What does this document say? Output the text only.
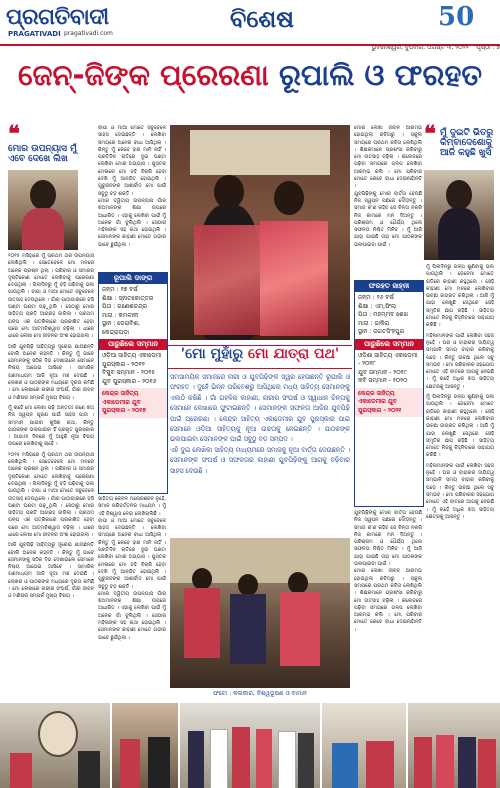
ପ୍ରଗତିବାଦୀ
PRAGATIVADI pragativadi.com
ବିଶେଷ	50
ଭୁବନେଶ୍ୱର, ବୁଧବାର, ଅଗଷ୍ଟ ୩, ୨୦୨୨ ପୃଷ୍ଠା : ୭
ଜେନ୍-ଜିଙ୍କ ପ୍ରେରଣା ରୂପାଲି ଓ ଫରହତ
❝
ମୋର ଉପନ୍ୟାସ ମୁଁ ଏବେ ଦେଖେ ଲିଖ

୨୦୧୫ ମସିହାରେ ମୁଁ ପ୍ରଥମ ଥର ଉପନ୍ୟାସ ଲେଖିଥିଲି । ସେତେବେଳେ ମୋ ମନରେ ଅନେକ ପ୍ରଶ୍ନ ଥିଲା । ପରିବାର ଓ ସମାଜର ଦୃଷ୍ଟିକୋଣ ମୋତେ ଲେଖିବାକୁ ପ୍ରେରଣା ଦେଇଥିଲା । ପିଲାଦିନରୁ ମୁଁ ବହି ପଢ଼ିବାକୁ ଭଲ ପାଉଥିଲି । ବାପା ଓ ମାଆ ମୋତେ ସବୁବେଳେ ଉତ୍ସାହ ଦେଉଥିଲେ । ଗାଁର ପାଠାଗାରରେ ବସି ଘଣ୍ଟା ଘଣ୍ଟା ପଢ଼ୁଥିଲି । ସେଠାରୁ ମୋର ସାହିତ୍ୟ ପ୍ରତି ଆଗ୍ରହ ଜାଗିଲା । ପ୍ରଥମ ଗଳ୍ପ ଏକ ପତ୍ରିକାରେ ପ୍ରକାଶିତ ହେବା ପରେ ମୋ ଆତ୍ମବିଶ୍ୱାସ ବଢ଼ିଲା । ଧୀରେ ଧୀରେ ଲେଖା ମୋ ଜୀବନର ଅଂଶ ହୋଇଗଲା ।

ଆଜି ଯୁବପିଢ଼ି ସାହିତ୍ୟରୁ ଦୂରେଇ ଯାଉଛନ୍ତି ବୋଲି ଅନେକ କହନ୍ତି । କିନ୍ତୁ ମୁଁ ଭାବେ ସେମାନଙ୍କୁ ସଠିକ ଦିଗ ଦେଖାଇଲେ ସେମାନେ ନିଶ୍ଚୟ ଆଗେଇ ଆସିବେ । ସାମାଜିକ ଗଣମାଧ୍ୟମ ଆଜି ନୂଆ ମଞ୍ଚ ଦେଇଛି । ଲେଖକ ଓ ପାଠକଙ୍କ ମଧ୍ୟରେ ଦୂରତା କମିଛି । ମୋ ଲେଖାରେ ନାରୀର ସଂଘର୍ଷ, ଗାଁର ଜୀବନ ଓ ମଣିଷର ସମ୍ପର୍କ ମୁଖ୍ୟ ବିଷୟ ।

ମୁଁ ଚାହେଁ ମୋ ଲେଖା ପଢ଼ି ଅନ୍ତତଃ ଜଣେ ଝିଅ ନିଜ ସ୍ୱପ୍ନ ପୂରଣ ପାଇଁ ସାହସ ପାଉ । ସମ୍ମାନ ପାଇବା ଖୁସିର କଥା, କିନ୍ତୁ ପାଠକଙ୍କ ଭଲପାଇବା ହିଁ ପ୍ରକୃତ ପୁରସ୍କାର । ଆଗାମୀ ଦିନରେ ମୁଁ ଆହୁରି ନୂଆ ବିଷୟ ଉପରେ ଲେଖିବାକୁ ଚାହେଁ ।

୨୦୧୫ ମସିହାରେ ମୁଁ ପ୍ରଥମ ଥର ଉପନ୍ୟାସ ଲେଖିଥିଲି । ସେତେବେଳେ ମୋ ମନରେ ଅନେକ ପ୍ରଶ୍ନ ଥିଲା । ପରିବାର ଓ ସମାଜର ଦୃଷ୍ଟିକୋଣ ମୋତେ ଲେଖିବାକୁ ପ୍ରେରଣା ଦେଇଥିଲା । ପିଲାଦିନରୁ ମୁଁ ବହି ପଢ଼ିବାକୁ ଭଲ ପାଉଥିଲି । ବାପା ଓ ମାଆ ମୋତେ ସବୁବେଳେ ଉତ୍ସାହ ଦେଉଥିଲେ । ଗାଁର ପାଠାଗାରରେ ବସି ଘଣ୍ଟା ଘଣ୍ଟା ପଢ଼ୁଥିଲି । ସେଠାରୁ ମୋର ସାହିତ୍ୟ ପ୍ରତି ଆଗ୍ରହ ଜାଗିଲା । ପ୍ରଥମ ଗଳ୍ପ ଏକ ପତ୍ରିକାରେ ପ୍ରକାଶିତ ହେବା ପରେ ମୋ ଆତ୍ମବିଶ୍ୱାସ ବଢ଼ିଲା । ଧୀରେ ଧୀରେ ଲେଖା ମୋ ଜୀବନର ଅଂଶ ହୋଇଗଲା ।

ଆଜି ଯୁବପିଢ଼ି ସାହିତ୍ୟରୁ ଦୂରେଇ ଯାଉଛନ୍ତି ବୋଲି ଅନେକ କହନ୍ତି । କିନ୍ତୁ ମୁଁ ଭାବେ ସେମାନଙ୍କୁ ସଠିକ ଦିଗ ଦେଖାଇଲେ ସେମାନେ ନିଶ୍ଚୟ ଆଗେଇ ଆସିବେ । ସାମାଜିକ ଗଣମାଧ୍ୟମ ଆଜି ନୂଆ ମଞ୍ଚ ଦେଇଛି । ଲେଖକ ଓ ପାଠକଙ୍କ ମଧ୍ୟରେ ଦୂରତା କମିଛି । ମୋ ଲେଖାରେ ନାରୀର ସଂଘର୍ଷ, ଗାଁର ଜୀବନ ଓ ମଣିଷର ସମ୍ପର୍କ ମୁଖ୍ୟ ବିଷୟ ।

ବାପା ଓ ମାଆ ମୋତେ ସବୁବେଳେ ସାହସ ଦେଇଛନ୍ତି । ଲେଖିବା ସମୟରେ ଅନେକ ବାଧା ଆସିଥିଲା । କିନ୍ତୁ ମୁଁ କେବେ ହାର ମାନି ନାହିଁ । ପ୍ରତିଦିନ ରାତିରେ ଦୁଇ ଘଣ୍ଟା ଲେଖିବା ମୋର ଅଭ୍ୟାସ । ପୁସ୍ତକ ମେଳାରେ ମୋ ବହି ବିକ୍ରି ହେବା ଦେଖି ମୁଁ ଆନନ୍ଦିତ ହୋଇଥିଲି । ଗୁରୁଜନଙ୍କ ଆଶୀର୍ବାଦ ମୋ ପାଇଁ ସବୁଠୁ ବଡ଼ ଶକ୍ତି ।

ମୋର ଦ୍ୱିତୀୟ ଉପନ୍ୟାସ ଗାଁର ଝିଅମାନଙ୍କ ଶିକ୍ଷା ଉପରେ ଆଧାରିତ । ଏହାକୁ ଲେଖିବା ପାଇଁ ମୁଁ ଅନେକ ଗାଁ ବୁଲିଥିଲି । ସେଠାର ମହିଳାଙ୍କ ସହ କଥା ହୋଇଥିଲି । ସେମାନଙ୍କ କାହାଣୀ ମୋତେ ଗଭୀର ଭାବେ ଛୁଇଁଥିଲା ।

ରୂପାଲି ଡାଙ୍ଗ
ଜନ୍ମ : ୨୭ ବର୍ଷ
ଶିକ୍ଷା : ସ୍ନାତକୋତ୍ତର
ପିତା : ଗଣେଶଚନ୍ଦ୍ର
ମାତା : କମଳୀନୀ
ସ୍ଥାନ : ଡେରାବିଶ, କେନ୍ଦ୍ରାପଡ଼ା
ପାରୁଛିଲେ ସମ୍ମାନ
ଓଡ଼ିଆ ସାହିତ୍ୟ ଏକାଡେମୀ ପୁରସ୍କାର - ୨୦୧୨
ବିଷୁବ ସମ୍ମାନ - ୨୦୧୫
ଯୁବ ପୁରସ୍କାର - ୨୦୧୬
କେନ୍ଦ୍ର ସାହିତ୍ୟ ଏକାଡେମୀର ଯୁବ ପୁରସ୍କାର - ୨୦୧୭

ସାହିତ୍ୟ କେବଳ ମନୋରଞ୍ଜନ ନୁହେଁ, ସମାଜ ପରିବର୍ତ୍ତନର ମାଧ୍ୟମ । ମୁଁ ଏହି ବିଶ୍ୱାସ ନେଇ ଲେଖିଚାଲିଛି ।

ବାପା ଓ ମାଆ ମୋତେ ସବୁବେଳେ ସାହସ ଦେଇଛନ୍ତି । ଲେଖିବା ସମୟରେ ଅନେକ ବାଧା ଆସିଥିଲା । କିନ୍ତୁ ମୁଁ କେବେ ହାର ମାନି ନାହିଁ । ପ୍ରତିଦିନ ରାତିରେ ଦୁଇ ଘଣ୍ଟା ଲେଖିବା ମୋର ଅଭ୍ୟାସ । ପୁସ୍ତକ ମେଳାରେ ମୋ ବହି ବିକ୍ରି ହେବା ଦେଖି ମୁଁ ଆନନ୍ଦିତ ହୋଇଥିଲି । ଗୁରୁଜନଙ୍କ ଆଶୀର୍ବାଦ ମୋ ପାଇଁ ସବୁଠୁ ବଡ଼ ଶକ୍ତି ।

ମୋର ଦ୍ୱିତୀୟ ଉପନ୍ୟାସ ଗାଁର ଝିଅମାନଙ୍କ ଶିକ୍ଷା ଉପରେ ଆଧାରିତ । ଏହାକୁ ଲେଖିବା ପାଇଁ ମୁଁ ଅନେକ ଗାଁ ବୁଲିଥିଲି । ସେଠାର ମହିଳାଙ୍କ ସହ କଥା ହୋଇଥିଲି । ସେମାନଙ୍କ କାହାଣୀ ମୋତେ ଗଭୀର ଭାବେ ଛୁଇଁଥିଲା ।

'ମୋ ମୁହାଁରୁ ମୋ ଯାତ୍ରା ପଥ'

ସମସାମୟିକ ସମାଜରେ ନାରୀ ଓ ଯୁବପିଢ଼ିଙ୍କ ସ୍ୱର ହେଉଛନ୍ତି ରୂପାଲି ଓ ଫରହତ । ଦୁହେଁ ଭିନ୍ନ ପରିବେଶରୁ ଆସିଥିଲେ ମଧ୍ୟ ସାହିତ୍ୟ ସେମାନଙ୍କୁ ଏକାଠି କରିଛି । ଗାଁ ଗହଳିର କାହାଣୀ, ନାରୀର ସଂଘର୍ଷ ଓ ସ୍ୱାଧୀନ ଚିନ୍ତାକୁ ସେମାନେ ଲେଖାରେ ଫୁଟାଇଛନ୍ତି । ସେମାନଙ୍କ ସଫଳତା ଆଜିର ଯୁବପିଢ଼ି ପାଇଁ ପ୍ରେରଣା । କେନ୍ଦ୍ର ସାହିତ୍ୟ ଏକାଡେମୀର ଯୁବ ପୁରସ୍କାର ପାଇ ସେମାନେ ଓଡ଼ିଆ ସାହିତ୍ୟକୁ ନୂଆ ଉଚ୍ଚତାକୁ ନେଇଛନ୍ତି । ପାଠକଙ୍କ ଭଲପାଇବା ସେମାନଙ୍କ ପାଇଁ ସବୁଠୁ ବଡ଼ ସମ୍ପଦ ।

ଏହି ଦୁଇ ଲେଖିକା ସାହିତ୍ୟ ମାଧ୍ୟମରେ ସମାଜକୁ ନୂଆ ବାର୍ତ୍ତା ଦେଉଛନ୍ତି । ସେମାନଙ୍କ ସଂଘର୍ଷ ଓ ସଫଳତାର କାହାଣୀ ଯୁବପିଢ଼ିଙ୍କୁ ଆଗକୁ ବଢ଼ିବାର ସାହସ ଦେଉଛି ।

ଫଟୋ : କଳାକାର, ବିଶ୍ୱଭୂଷଣ ଓ ବାମାନ

ମୋର ଲେଖା ଜୀବନ ଆରମ୍ଭ ହୋଇଥିଲା କବିତାରୁ । ସ୍କୁଲ ସମୟରେ ପ୍ରଥମ କବିତା ଲେଖିଥିଲି । ଶିକ୍ଷକମାନେ ପ୍ରଶଂସା କରିବାରୁ ମୋ ଉତ୍ସାହ ବଢ଼ିଲା । କଲେଜରେ ପଢ଼ିବା ସମୟରେ ଗଳ୍ପ ଲେଖିବା ଆରମ୍ଭ କଲି । ମୋ ପରିବାର ମୋତେ କେବେ ବାଧା ଦେଇନାହାଁନ୍ତି ।

ଯୁବପିଢ଼ିଙ୍କୁ ମୋର ବାର୍ତ୍ତା ହେଉଛି ନିଜ ସ୍ୱପ୍ନ ପଛରେ ଦୌଡ଼ନ୍ତୁ । ସମାଜ କ'ଣ କହିବ ସେ ଚିନ୍ତା ନକରି ନିଜ କାମରେ ମନ ଦିଅନ୍ତୁ । ପରିଶ୍ରମ ଓ ଧୈର୍ଯ୍ୟ ଥିଲେ ସଫଳତା ନିଶ୍ଚିତ ମିଳିବ । ମୁଁ ଆଜି ଯାହା ପାଇଛି ତାହା ମୋ ପାଠକଙ୍କ ଭଲପାଇବା ପାଇଁ ।

ଫରହତ ଜାହ୍ନୀ
ଜନ୍ମ : ୨୬ ବର୍ଷ
ଶିକ୍ଷା : ଏମ୍.ଫିଲ୍
ପିତା : ମହମ୍ମଦ ଶେଖ
ମାତା : ଜାକିରା
ସ୍ଥାନ : ଜଗତସିଂହପୁର
ପାରୁଛିଲେ ସମ୍ମାନ
ଓଡ଼ିଶା ସାହିତ୍ୟ ଏକାଡେମୀ - ୨୦୧୮
ଯୁବ ସମ୍ମାନ - ୨୦୧୯
କବି ସମ୍ମାନ - ୨୦୨୦
କେନ୍ଦ୍ର ସାହିତ୍ୟ ଏକାଡେମୀର ଯୁବ ପୁରସ୍କାର - ୨୦୨୧

ଯୁବପିଢ଼ିଙ୍କୁ ମୋର ବାର୍ତ୍ତା ହେଉଛି ନିଜ ସ୍ୱପ୍ନ ପଛରେ ଦୌଡ଼ନ୍ତୁ । ସମାଜ କ'ଣ କହିବ ସେ ଚିନ୍ତା ନକରି ନିଜ କାମରେ ମନ ଦିଅନ୍ତୁ । ପରିଶ୍ରମ ଓ ଧୈର୍ଯ୍ୟ ଥିଲେ ସଫଳତା ନିଶ୍ଚିତ ମିଳିବ । ମୁଁ ଆଜି ଯାହା ପାଇଛି ତାହା ମୋ ପାଠକଙ୍କ ଭଲପାଇବା ପାଇଁ ।

ମୋର ଲେଖା ଜୀବନ ଆରମ୍ଭ ହୋଇଥିଲା କବିତାରୁ । ସ୍କୁଲ ସମୟରେ ପ୍ରଥମ କବିତା ଲେଖିଥିଲି । ଶିକ୍ଷକମାନେ ପ୍ରଶଂସା କରିବାରୁ ମୋ ଉତ୍ସାହ ବଢ଼ିଲା । କଲେଜରେ ପଢ଼ିବା ସମୟରେ ଗଳ୍ପ ଲେଖିବା ଆରମ୍ଭ କଲି । ମୋ ପରିବାର ମୋତେ କେବେ ବାଧା ଦେଇନାହାଁନ୍ତି ।

❝ ମୁଁ ଦୁଇଟି ଭିତରୁ କିମ୍ବାଦେଶୋକୁ ଆଜି କହୁଛି ଖୁସି

ମୁଁ ପିଲାଦିନରୁ ଗଳ୍ପ ଶୁଣିବାକୁ ଭଲ ପାଉଥିଲି । ଜେଜେମା ମୋତେ ରାତିରେ କାହାଣୀ କହୁଥିଲେ । ସେହି କାହାଣୀ ମୋ ମନରେ ଲେଖିବାର ଇଚ୍ଛା ଜାଗ୍ରତ କରିଥିଲା । ଆଜି ମୁଁ ଯାହା ଲେଖୁଛି ସେଥିରେ ସେହି ସ୍ମୃତିର ଛାପ ରହିଛି । ସାହିତ୍ୟ ମୋତେ ନିଜକୁ ଚିହ୍ନିବାରେ ସାହାଯ୍ୟ କରିଛି ।

ମହିଳାମାନଙ୍କ ପାଇଁ ଲେଖିବା ସହଜ ନୁହେଁ । ଘର ଓ ବାହାରର ଦାୟିତ୍ୱ ସମ୍ଭାଳି ସମୟ ବାହାର କରିବାକୁ ପଡ଼େ । କିନ୍ତୁ ଇଚ୍ଛା ଥିଲେ ସବୁ ସମ୍ଭବ । ମୋ ପରିବାରର ସହଯୋଗ ମୋତେ ଏହି ବାଟରେ ଆଗକୁ ନେଇଛି । ମୁଁ ଚାହେଁ ଅଧିକ ଝିଅ ସାହିତ୍ୟ କ୍ଷେତ୍ରକୁ ଆସନ୍ତୁ ।

ମୁଁ ପିଲାଦିନରୁ ଗଳ୍ପ ଶୁଣିବାକୁ ଭଲ ପାଉଥିଲି । ଜେଜେମା ମୋତେ ରାତିରେ କାହାଣୀ କହୁଥିଲେ । ସେହି କାହାଣୀ ମୋ ମନରେ ଲେଖିବାର ଇଚ୍ଛା ଜାଗ୍ରତ କରିଥିଲା । ଆଜି ମୁଁ ଯାହା ଲେଖୁଛି ସେଥିରେ ସେହି ସ୍ମୃତିର ଛାପ ରହିଛି । ସାହିତ୍ୟ ମୋତେ ନିଜକୁ ଚିହ୍ନିବାରେ ସାହାଯ୍ୟ କରିଛି ।

ମହିଳାମାନଙ୍କ ପାଇଁ ଲେଖିବା ସହଜ ନୁହେଁ । ଘର ଓ ବାହାରର ଦାୟିତ୍ୱ ସମ୍ଭାଳି ସମୟ ବାହାର କରିବାକୁ ପଡ଼େ । କିନ୍ତୁ ଇଚ୍ଛା ଥିଲେ ସବୁ ସମ୍ଭବ । ମୋ ପରିବାରର ସହଯୋଗ ମୋତେ ଏହି ବାଟରେ ଆଗକୁ ନେଇଛି । ମୁଁ ଚାହେଁ ଅଧିକ ଝିଅ ସାହିତ୍ୟ କ୍ଷେତ୍ରକୁ ଆସନ୍ତୁ ।
